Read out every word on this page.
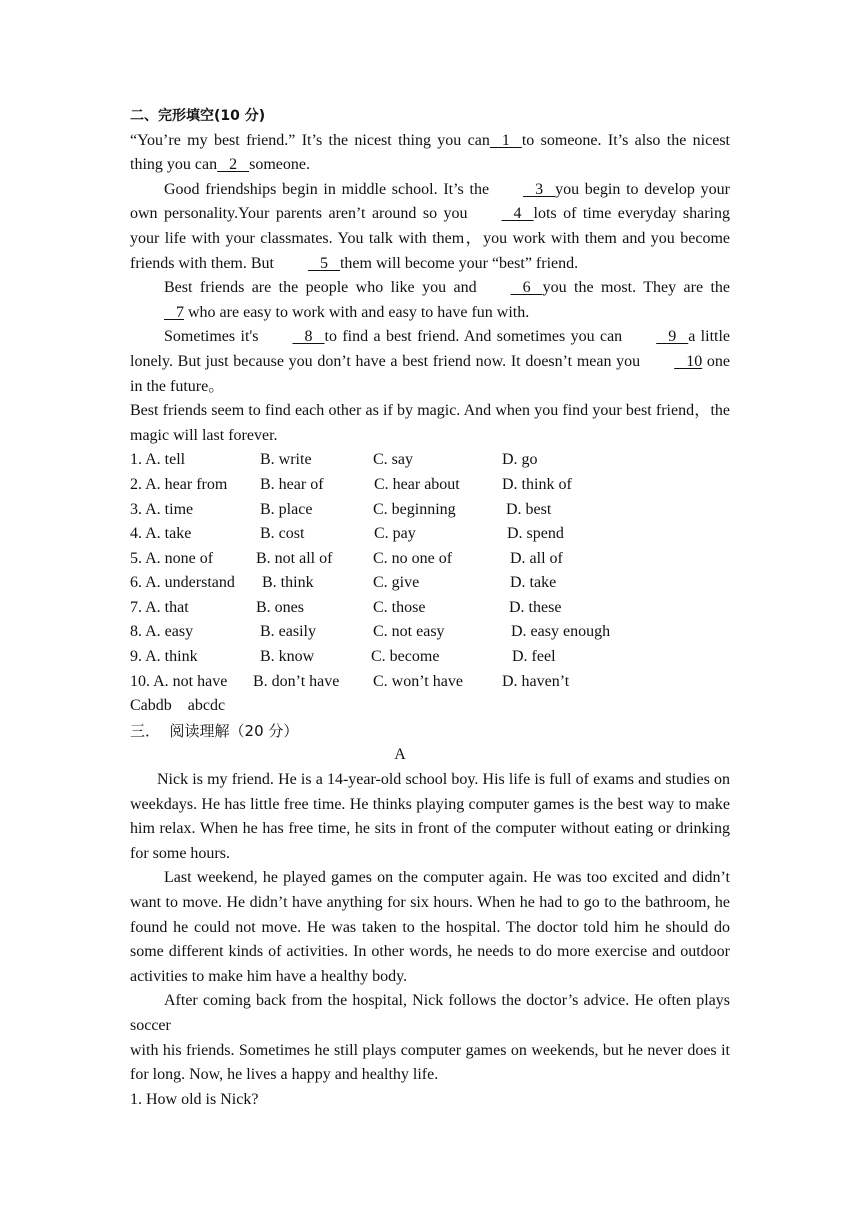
二、完形填空(10 分)
“You’re my best friend.” It’s the nicest thing you can   1   to someone. It’s also the nicest thing you can   2   someone.
Good friendships begin in middle school. It’s the   3   you begin to develop your own personality.Your parents aren’t around so you   4   lots of time everyday sharing your life with your classmates. You talk with them，you work with them and you become friends with them. But   5   them will become your “best” friend.
Best friends are the people who like you and   6   you the most. They are the   7 who are easy to work with and easy to have fun with.
Sometimes it's   8   to find a best friend. And sometimes you can   9   a little lonely. But just because you don’t have a best friend now. It doesn’t mean you   10 one in the future。
Best friends seem to find each other as if by magic. And when you find your best friend，the magic will last forever.
1. A. tell	B. write	C. say	D. go
2. A. hear from B. hear of	C. hear about	D. think of
3. A. time	B. place	C. beginning	D. best
4. A. take	B. cost	C. pay	D. spend
5. A. none of	B. not all of	C. no one of	D. all of
6. A. understand B. think	C. give	D. take
7. A. that	B. ones	C. those	D. these
8. A. easy	B. easily	C. not easy	D. easy enough
9. A. think	B. know	C. become	D. feel
10. A. not have B. don’t have C. won’t have D. haven’t
Cabdb    abcdc
三．  阅读理解（20 分）
A
Nick is my friend. He is a 14-year-old school boy. His life is full of exams and studies on weekdays. He has little free time. He thinks playing computer games is the best way to make him relax. When he has free time, he sits in front of the computer without eating or drinking for some hours.
Last weekend, he played games on the computer again. He was too excited and didn’t want to move. He didn’t have anything for six hours. When he had to go to the bathroom, he found he could not move. He was taken to the hospital. The doctor told him he should do some different kinds of activities. In other words, he needs to do more exercise and outdoor activities to make him have a healthy body.
After coming back from the hospital, Nick follows the doctor’s advice. He often plays soccer
with his friends. Sometimes he still plays computer games on weekends, but he never does it for long. Now, he lives a happy and healthy life.
1. How old is Nick?
